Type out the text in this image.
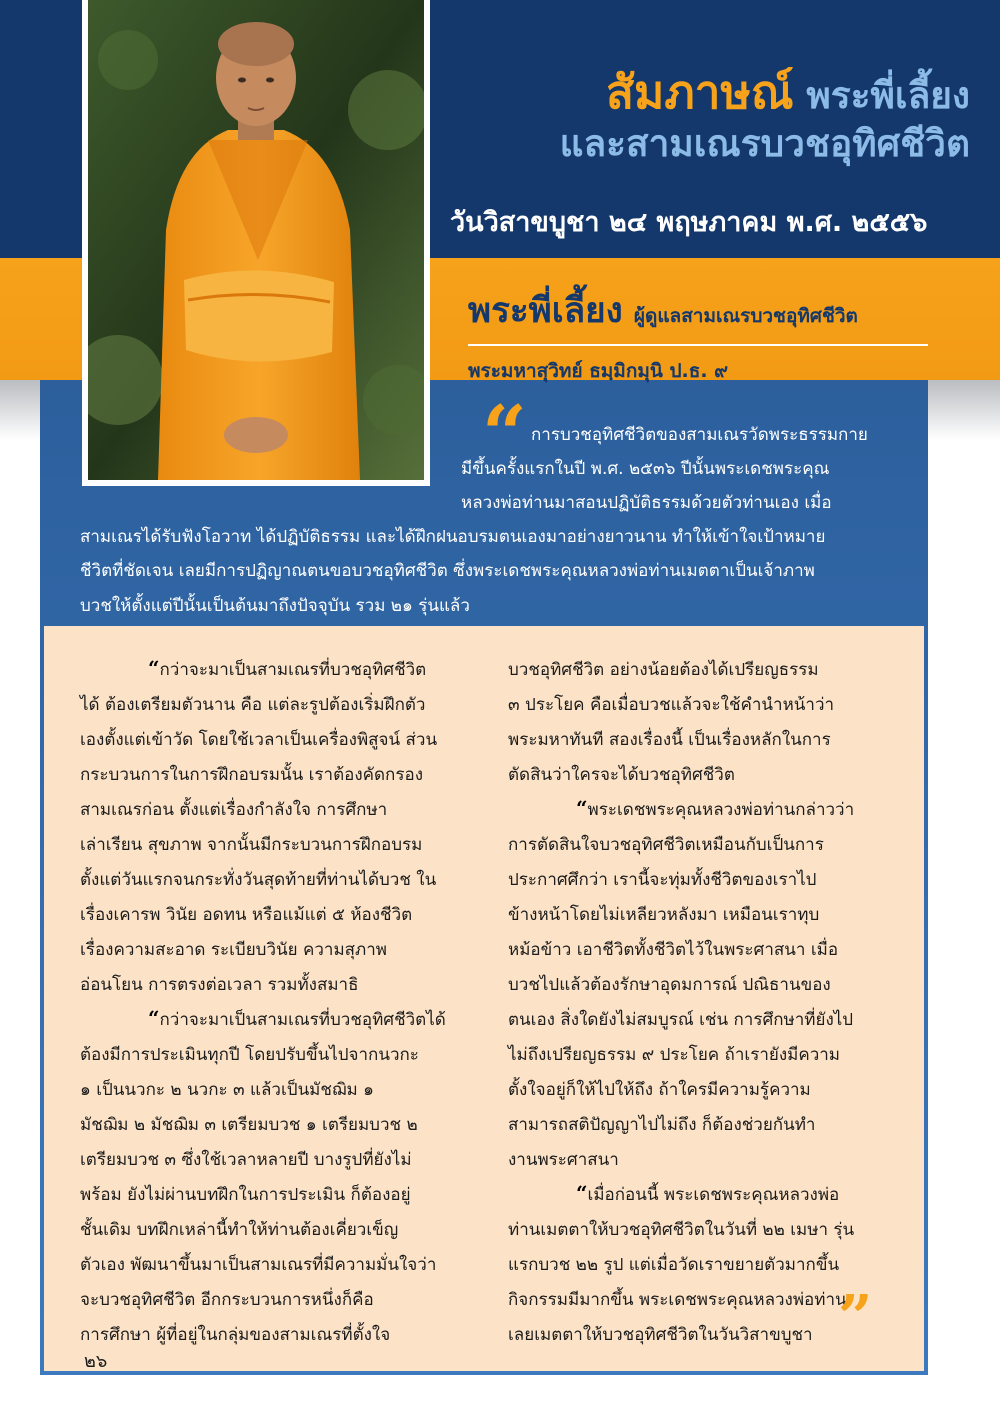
สัมภาษณ์ พระพี่เลี้ยง
และสามเณรบวชอุทิศชีวิต
วันวิสาขบูชา ๒๔ พฤษภาคม พ.ศ. ๒๕๕๖
พระพี่เลี้ยง ผู้ดูแลสามเณรบวชอุทิศชีวิต
พระมหาสุวิทย์ ธมฺมิกมุนิ ป.ธ. ๙
“ การบวชอุทิศชีวิตของสามเณรวัดพระธรรมกาย
มีขึ้นครั้งแรกในปี พ.ศ. ๒๕๓๖ ปีนั้นพระเดชพระคุณ
หลวงพ่อท่านมาสอนปฏิบัติธรรมด้วยตัวท่านเอง เมื่อ
สามเณรได้รับฟังโอวาท ได้ปฏิบัติธรรม และได้ฝึกฝนอบรมตนเองมาอย่างยาวนาน ทำให้เข้าใจเป้าหมาย
ชีวิตที่ชัดเจน เลยมีการปฏิญาณตนขอบวชอุทิศชีวิต ซึ่งพระเดชพระคุณหลวงพ่อท่านเมตตาเป็นเจ้าภาพ
บวชให้ตั้งแต่ปีนั้นเป็นต้นมาถึงปัจจุบัน รวม ๒๑ รุ่นแล้ว
“กว่าจะมาเป็นสามเณรที่บวชอุทิศชีวิต
ได้ ต้องเตรียมตัวนาน คือ แต่ละรูปต้องเริ่มฝึกตัว
เองตั้งแต่เข้าวัด โดยใช้เวลาเป็นเครื่องพิสูจน์ ส่วน
กระบวนการในการฝึกอบรมนั้น เราต้องคัดกรอง
สามเณรก่อน ตั้งแต่เรื่องกำลังใจ การศึกษา
เล่าเรียน สุขภาพ จากนั้นมีกระบวนการฝึกอบรม
ตั้งแต่วันแรกจนกระทั่งวันสุดท้ายที่ท่านได้บวช ใน
เรื่องเคารพ วินัย อดทน หรือแม้แต่ ๕ ห้องชีวิต
เรื่องความสะอาด ระเบียบวินัย ความสุภาพ
อ่อนโยน การตรงต่อเวลา รวมทั้งสมาธิ
“กว่าจะมาเป็นสามเณรที่บวชอุทิศชีวิตได้
ต้องมีการประเมินทุกปี โดยปรับขึ้นไปจากนวกะ
๑ เป็นนวกะ ๒ นวกะ ๓ แล้วเป็นมัชฌิม ๑
มัชฌิม ๒ มัชฌิม ๓ เตรียมบวช ๑ เตรียมบวช ๒
เตรียมบวช ๓ ซึ่งใช้เวลาหลายปี บางรูปที่ยังไม่
พร้อม ยังไม่ผ่านบทฝึกในการประเมิน ก็ต้องอยู่
ชั้นเดิม บทฝึกเหล่านี้ทำให้ท่านต้องเคี่ยวเข็ญ
ตัวเอง พัฒนาขึ้นมาเป็นสามเณรที่มีความมั่นใจว่า
จะบวชอุทิศชีวิต อีกกระบวนการหนึ่งก็คือ
การศึกษา ผู้ที่อยู่ในกลุ่มของสามเณรที่ตั้งใจ
บวชอุทิศชีวิต อย่างน้อยต้องได้เปรียญธรรม
๓ ประโยค คือเมื่อบวชแล้วจะใช้คำนำหน้าว่า
พระมหาทันที สองเรื่องนี้ เป็นเรื่องหลักในการ
ตัดสินว่าใครจะได้บวชอุทิศชีวิต
“พระเดชพระคุณหลวงพ่อท่านกล่าวว่า
การตัดสินใจบวชอุทิศชีวิตเหมือนกับเป็นการ
ประกาศศึกว่า เรานี้จะทุ่มทั้งชีวิตของเราไป
ข้างหน้าโดยไม่เหลียวหลังมา เหมือนเราทุบ
หม้อข้าว เอาชีวิตทั้งชีวิตไว้ในพระศาสนา เมื่อ
บวชไปแล้วต้องรักษาอุดมการณ์ ปณิธานของ
ตนเอง สิ่งใดยังไม่สมบูรณ์ เช่น การศึกษาที่ยังไป
ไม่ถึงเปรียญธรรม ๙ ประโยค ถ้าเรายังมีความ
ตั้งใจอยู่ก็ให้ไปให้ถึง ถ้าใครมีความรู้ความ
สามารถสติปัญญาไปไม่ถึง ก็ต้องช่วยกันทำ
งานพระศาสนา
“เมื่อก่อนนี้ พระเดชพระคุณหลวงพ่อ
ท่านเมตตาให้บวชอุทิศชีวิตในวันที่ ๒๒ เมษา รุ่น
แรกบวช ๒๒ รูป แต่เมื่อวัดเราขยายตัวมากขึ้น
กิจกรรมมีมากขึ้น พระเดชพระคุณหลวงพ่อท่าน
เลยเมตตาให้บวชอุทิศชีวิตในวันวิสาขบูชา ”
๒๖
